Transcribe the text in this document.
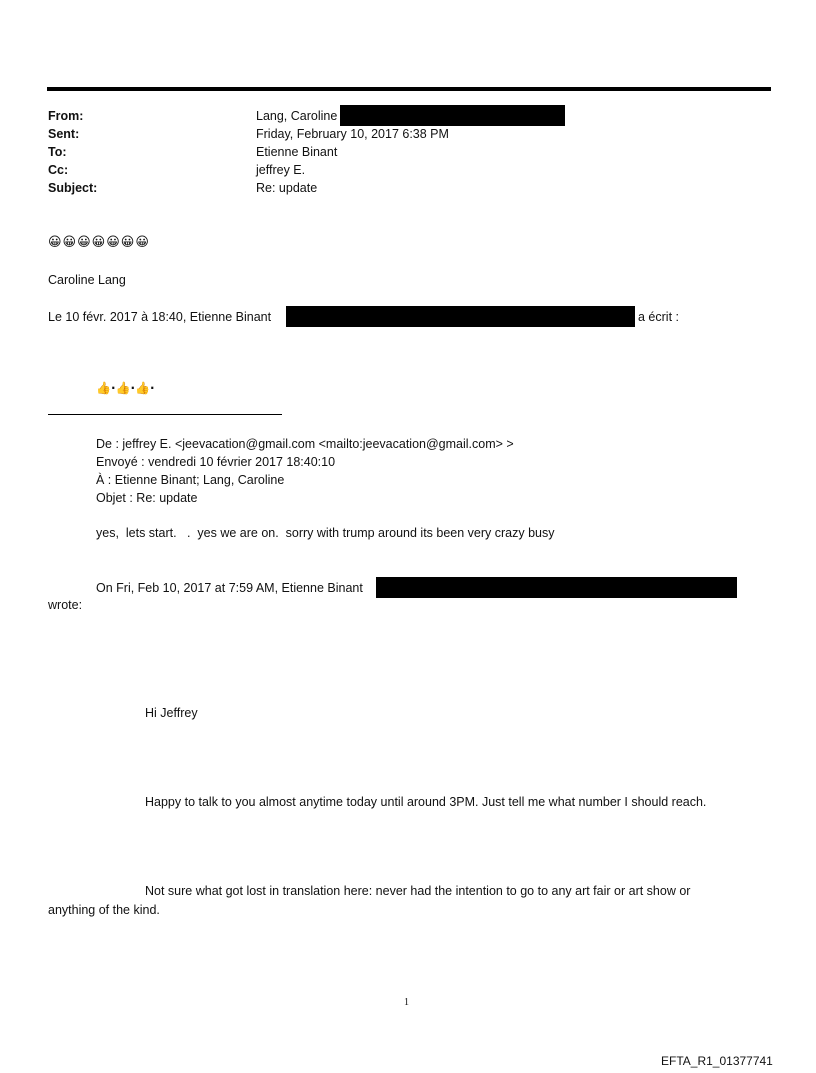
From:	Lang, Caroline
Sent:	Friday, February 10, 2017 6:38 PM
To:	Etienne Binant
Cc:	jeffrey E.
Subject:	Re: update
😀😀😀😀😀😀😀
Caroline Lang
Le 10 févr. 2017 à 18:40, Etienne Binant	a écrit :
👍·👍·👍·
De : jeffrey E. <jeevacation@gmail.com <mailto:jeevacation@gmail.com> >
Envoyé : vendredi 10 février 2017 18:40:10
À : Etienne Binant; Lang, Caroline
Objet : Re: update
yes,  lets start.   .  yes we are on.  sorry with trump around its been very crazy busy
On Fri, Feb 10, 2017 at 7:59 AM, Etienne Binant
wrote:
Hi Jeffrey
Happy to talk to you almost anytime today until around 3PM. Just tell me what number I should reach.
Not sure what got lost in translation here: never had the intention to go to any art fair or art show or
anything of the kind.
1
EFTA_R1_01377741
